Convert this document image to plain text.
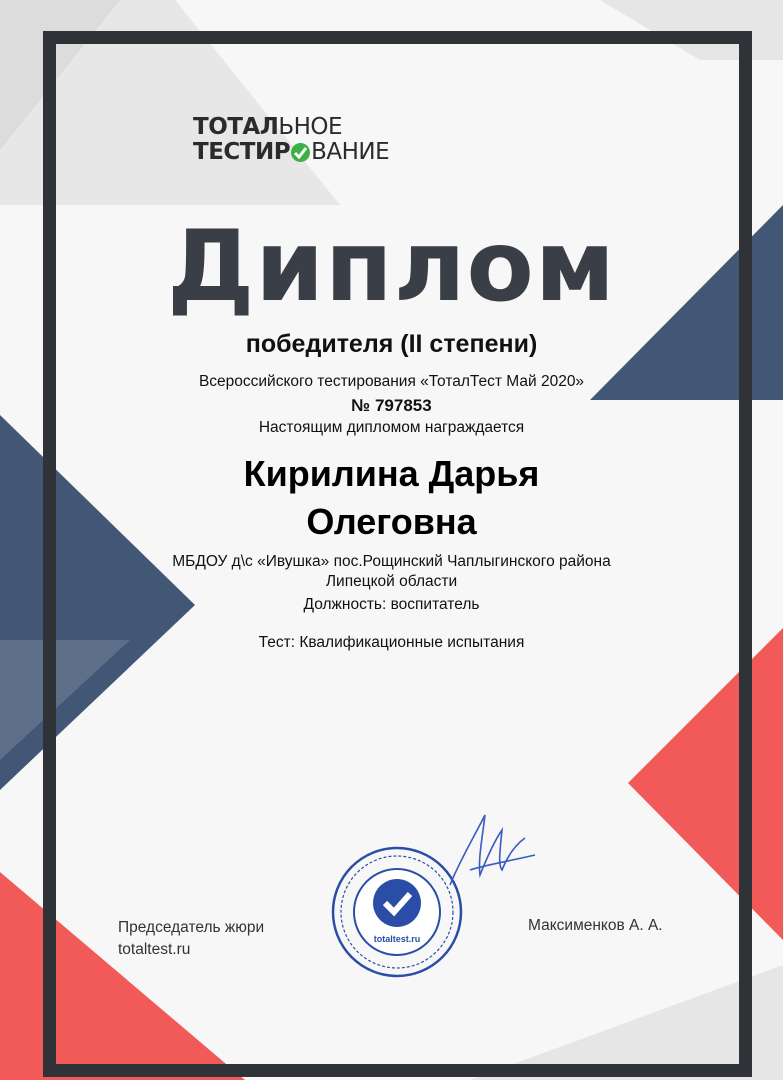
ТОТАЛЬНОЕ
ТЕСТИР ВАНИЕ
Диплом
победителя (II степени)
Всероссийского тестирования «ТоталТест Май 2020»
№ 797853
Настоящим дипломом награждается
Кирилина Дарья
Олеговна
МБДОУ д\с «Ивушка» пос.Рощинский Чаплыгинского района
Липецкой области
Должность: воспитатель
Тест: Квалификационные испытания
Председатель жюри
totaltest.ru
Максименков А. А.
totaltest.ru
